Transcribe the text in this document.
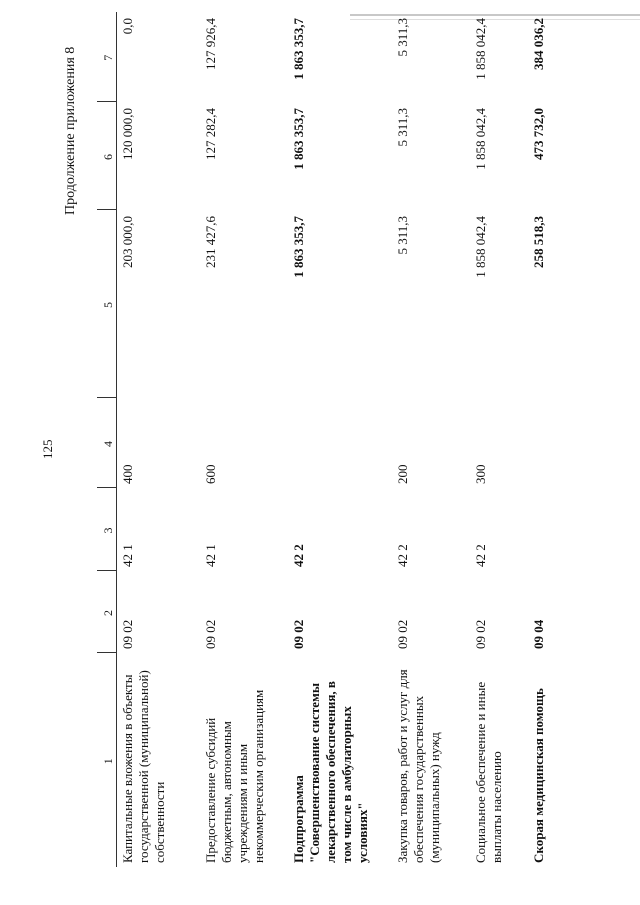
125
Продолжение приложения 8
1	2	3	4	5	6	7
Капитальные вложения в объекты государственной (муниципальной) собственности	09 02	42 1	400	203 000,0	120 000,0	0,0
Предоставление субсидий бюджетным, автономным учреждениям и иным некоммерческим организациям	09 02	42 1	600	231 427,6	127 282,4	127 926,4
Подпрограмма "Совершенствование системы лекарственного обеспечения, в том числе в амбулаторных условиях"	09 02	42 2		1 863 353,7	1 863 353,7	1 863 353,7
Закупка товаров, работ и услуг для обеспечения государственных (муниципальных) нужд	09 02	42 2	200	5 311,3	5 311,3	5 311,3
Социальное обеспечение и иные выплаты населению	09 02	42 2	300	1 858 042,4	1 858 042,4	1 858 042,4
Скорая медицинская помощь	09 04			258 518,3	473 732,0	384 036,2
